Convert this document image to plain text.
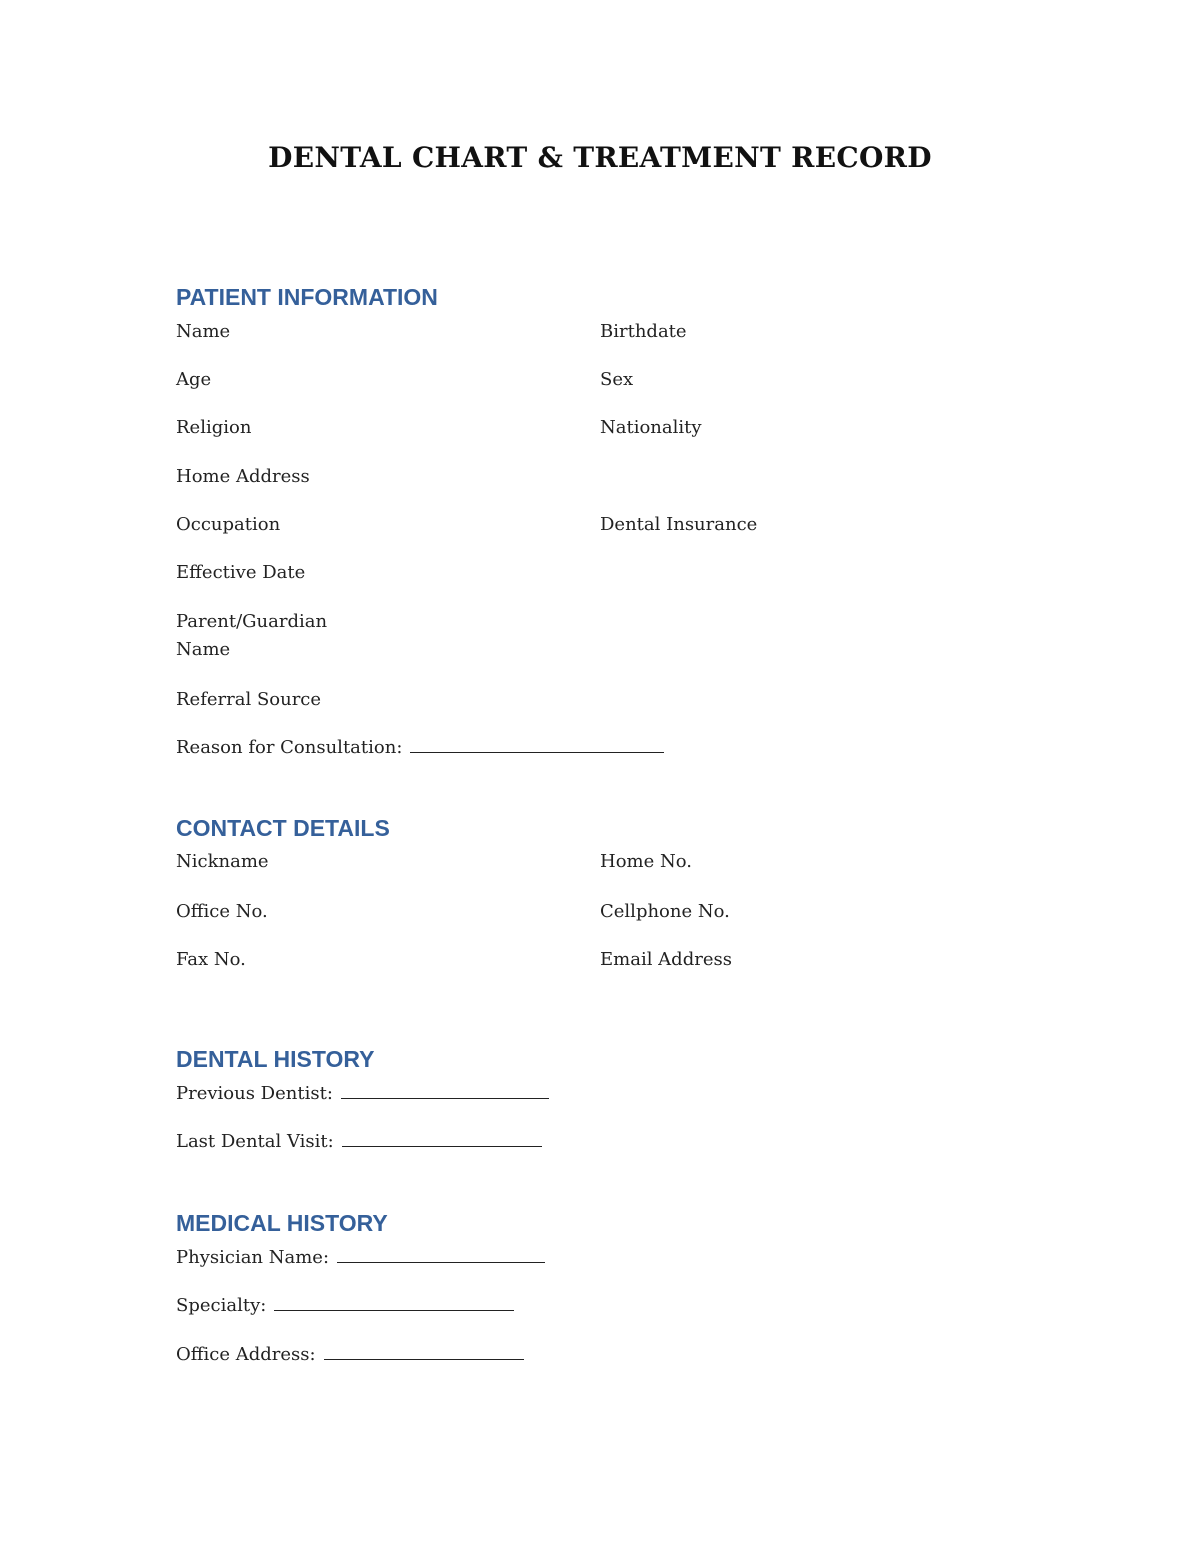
DENTAL CHART & TREATMENT RECORD
PATIENT INFORMATION
Name	Birthdate
Age	Sex
Religion	Nationality
Home Address
Occupation	Dental Insurance
Effective Date
Parent/Guardian
Name
Referral Source
Reason for Consultation:
CONTACT DETAILS
Nickname	Home No.
Office No.	Cellphone No.
Fax No.	Email Address
DENTAL HISTORY
Previous Dentist:
Last Dental Visit:
MEDICAL HISTORY
Physician Name:
Specialty:
Office Address:
